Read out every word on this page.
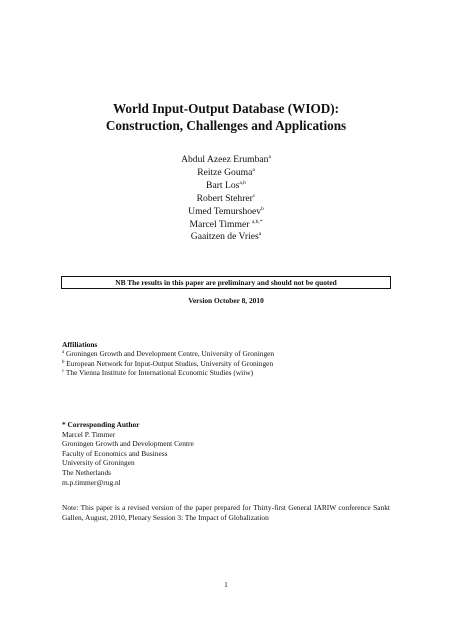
World Input-Output Database (WIOD):
Construction, Challenges and Applications
Abdul Azeez Erumban$^a$
Reitze Gouma$^a$
Bart Los$^{a,b}$
Robert Stehrer$^c$
Umed Temurshoev$^b$
Marcel Timmer $^{a,b,*}$
Gaaitzen de Vries$^a$
NB The results in this paper are preliminary and should not be quoted
Version October 8, 2010
Affiliations
$^a$ Groningen Growth and Development Centre, University of Groningen
$^b$ European Network for Input-Output Studies, University of Groningen
$^c$ The Vienna Institute for International Economic Studies (wiiw)
* Corresponding Author
Marcel P. Timmer
Groningen Growth and Development Centre
Faculty of Economics and Business
University of Groningen
The Netherlands
m.p.timmer@rug.nl
Note: This paper is a revised version of the paper prepared for Thirty-first General IARIW conference Sankt Gallen, August, 2010, Plenary Session 3: The Impact of Globalization
1
